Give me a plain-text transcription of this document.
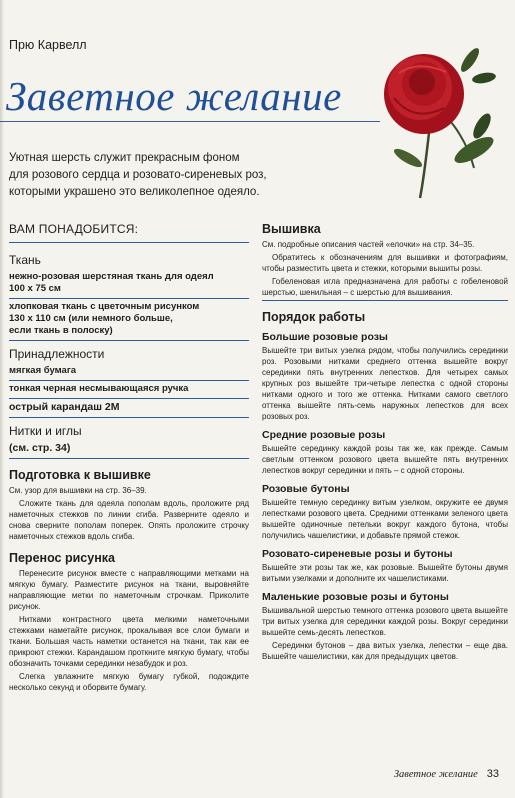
Прю Карвелл
Заветное желание
Уютная шерсть служит прекрасным фоном
для розового сердца и розовато-сиреневых роз,
которыми украшено это великолепное одеяло.
ВАМ ПОНАДОБИТСЯ:
Ткань
нежно-розовая шерстяная ткань для одеял
100 х 75 см
хлопковая ткань с цветочным рисунком
130 х 110 см (или немного больше,
если ткань в полоску)
Принадлежности
мягкая бумага
тонкая черная несмывающаяся ручка
острый карандаш 2М
Нитки и иглы
(см. стр. 34)
Подготовка к вышивке

См. узор для вышивки на стр. 36–39.

Сложите ткань для одеяла пополам вдоль, проложите ряд наметочных стежков по линии сгиба. Разверните одеяло и снова сверните пополам поперек. Опять проложите строчку наметочных стежков вдоль сгиба.

Перенос рисунка

Перенесите рисунок вместе с направляющими метками на мягкую бумагу. Разместите рисунок на ткани, выровняйте направляющие метки по наметочным строчкам. Приколите рисунок.

Нитками контрастного цвета мелкими наметочными стежками наметайте рисунок, прокалывая все слои бумаги и ткани. Большая часть наметки останется на ткани, так как ее прикроют стежки. Карандашом проткните мягкую бумагу, чтобы обозначить точками серединки незабудок и роз.

Слегка увлажните мягкую бумагу губкой, подождите несколько секунд и оборвите бумагу.

Вышивка

См. подробные описания частей «елочки» на стр. 34–35.

Обратитесь к обозначениям для вышивки и фотографиям, чтобы разместить цвета и стежки, которыми вышиты розы.

Гобеленовая игла предназначена для работы с гобеленовой шерстью, шенильная – с шерстью для вышивания.

Порядок работы
Большие розовые розы

Вышейте три витых узелка рядом, чтобы получились серединки роз. Розовыми нитками среднего оттенка вышейте вокруг серединки пять внутренних лепестков. Для четырех самых крупных роз вышейте три-четыре лепестка с одной стороны нитками одного и того же оттенка. Нитками самого светлого оттенка вышейте пять-семь наружных лепестков для всех розовых роз.

Средние розовые розы

Вышейте серединку каждой розы так же, как прежде. Самым светлым оттенком розового цвета вышейте пять внутренних лепестков вокруг серединки и пять – с одной стороны.

Розовые бутоны

Вышейте темную серединку витым узелком, окружите ее двумя лепестками розового цвета. Средними оттенками зеленого цвета вышейте одиночные петельки вокруг каждого бутона, чтобы получились чашелистики, и добавьте прямой стежок.

Розовато-сиреневые розы и бутоны

Вышейте эти розы так же, как розовые. Вышейте бутоны двумя витыми узелками и дополните их чашелистиками.

Маленькие розовые розы и бутоны

Вышивальной шерстью темного оттенка розового цвета вышейте три витых узелка для серединки каждой розы. Вокруг серединки вышейте семь-десять лепестков.

Серединки бутонов – два витых узелка, лепестки – еще два. Вышейте чашелистики, как для предыдущих цветов.

Заветное желание 33
